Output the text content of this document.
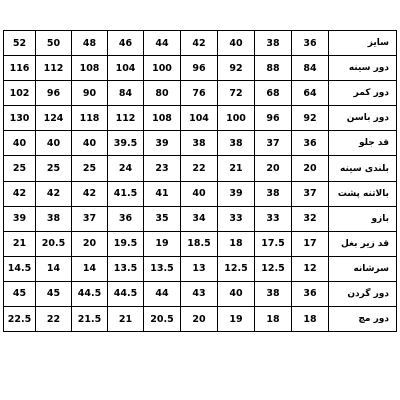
52	50	48	46	44	42	40	38	36	سایز
116	112	108	104	100	96	92	88	84	دور سینه
102	96	90	84	80	76	72	68	64	دور کمر
130	124	118	112	108	104	100	96	92	دور باسن
40	40	40	39.5	39	38	38	37	36	قد جلو
25	25	25	24	23	22	21	20	20	بلندی سینه
42	42	42	41.5	41	40	39	38	37	بالاتنه پشت
39	38	37	36	35	34	33	33	32	بازو
21	20.5	20	19.5	19	18.5	18	17.5	17	قد زیر بغل
14.5	14	14	13.5	13.5	13	12.5	12.5	12	سرشانه
45	45	44.5	44.5	44	43	40	38	36	دور گردن
22.5	22	21.5	21	20.5	20	19	18	18	دور مچ
